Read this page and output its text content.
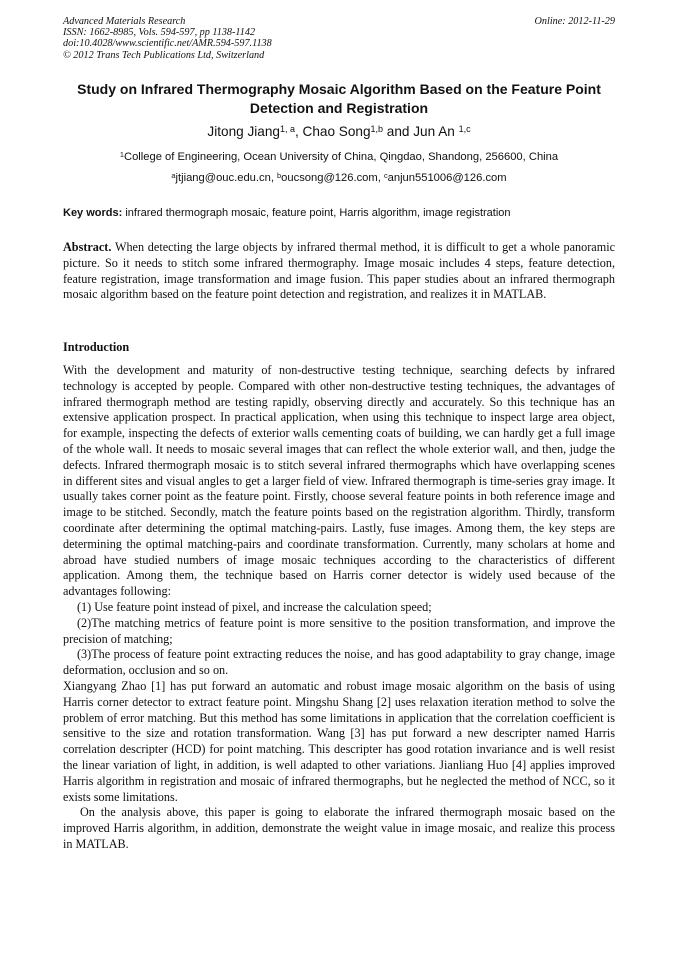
Advanced Materials Research
ISSN: 1662-8985, Vols. 594-597, pp 1138-1142
doi:10.4028/www.scientific.net/AMR.594-597.1138
© 2012 Trans Tech Publications Ltd, Switzerland
Online: 2012-11-29
Study on Infrared Thermography Mosaic Algorithm Based on the Feature Point Detection and Registration
Jitong Jiang$^{1, a}$, Chao Song$^{1,b}$ and Jun An $^{1,c}$
$^1$College of Engineering, Ocean University of China, Qingdao, Shandong, 256600, China
$^a$jtjiang@ouc.edu.cn, $^b$oucsong@126.com, $^c$anjun551006@126.com
Key words: infrared thermograph mosaic, feature point, Harris algorithm, image registration
Abstract. When detecting the large objects by infrared thermal method, it is difficult to get a whole panoramic picture. So it needs to stitch some infrared thermography. Image mosaic includes 4 steps, feature detection, feature registration, image transformation and image fusion. This paper studies about an infrared thermograph mosaic algorithm based on the feature point detection and registration, and realizes it in MATLAB.
Introduction

With the development and maturity of non-destructive testing technique, searching defects by infrared technology is accepted by people. Compared with other non-destructive testing techniques, the advantages of infrared thermograph method are testing rapidly, observing directly and accurately. So this technique has an extensive application prospect. In practical application, when using this technique to inspect large area object, for example, inspecting the defects of exterior walls cementing coats of building, we can hardly get a full image of the whole wall. It needs to mosaic several images that can reflect the whole exterior wall, and then, judge the defects. Infrared thermograph mosaic is to stitch several infrared thermographs which have overlapping scenes in different sites and visual angles to get a larger field of view. Infrared thermograph is time-series gray image. It usually takes corner point as the feature point. Firstly, choose several feature points in both reference image and image to be stitched. Secondly, match the feature points based on the registration algorithm. Thirdly, transform coordinate after determining the optimal matching-pairs. Lastly, fuse images. Among them, the key steps are determining the optimal matching-pairs and coordinate transformation. Currently, many scholars at home and abroad have studied numbers of image mosaic techniques according to the characteristics of different application. Among them, the technique based on Harris corner detector is widely used because of the advantages following:

(1) Use feature point instead of pixel, and increase the calculation speed;

(2)The matching metrics of feature point is more sensitive to the position transformation, and improve the precision of matching;

(3)The process of feature point extracting reduces the noise, and has good adaptability to gray change, image deformation, occlusion and so on.

Xiangyang Zhao [1] has put forward an automatic and robust image mosaic algorithm on the basis of using Harris corner detector to extract feature point. Mingshu Shang [2] uses relaxation iteration method to solve the problem of error matching. But this method has some limitations in application that the correlation coefficient is sensitive to the size and rotation transformation. Wang [3] has put forward a new descripter named Harris correlation descripter (HCD) for point matching. This descripter has good rotation invariance and is well resist the linear variation of light, in addition, is well adapted to other variations. Jianliang Huo [4] applies improved Harris algorithm in registration and mosaic of infrared thermographs, but he neglected the method of NCC, so it exists some limitations.

On the analysis above, this paper is going to elaborate the infrared thermograph mosaic based on the improved Harris algorithm, in addition, demonstrate the weight value in image mosaic, and realize this process in MATLAB.
